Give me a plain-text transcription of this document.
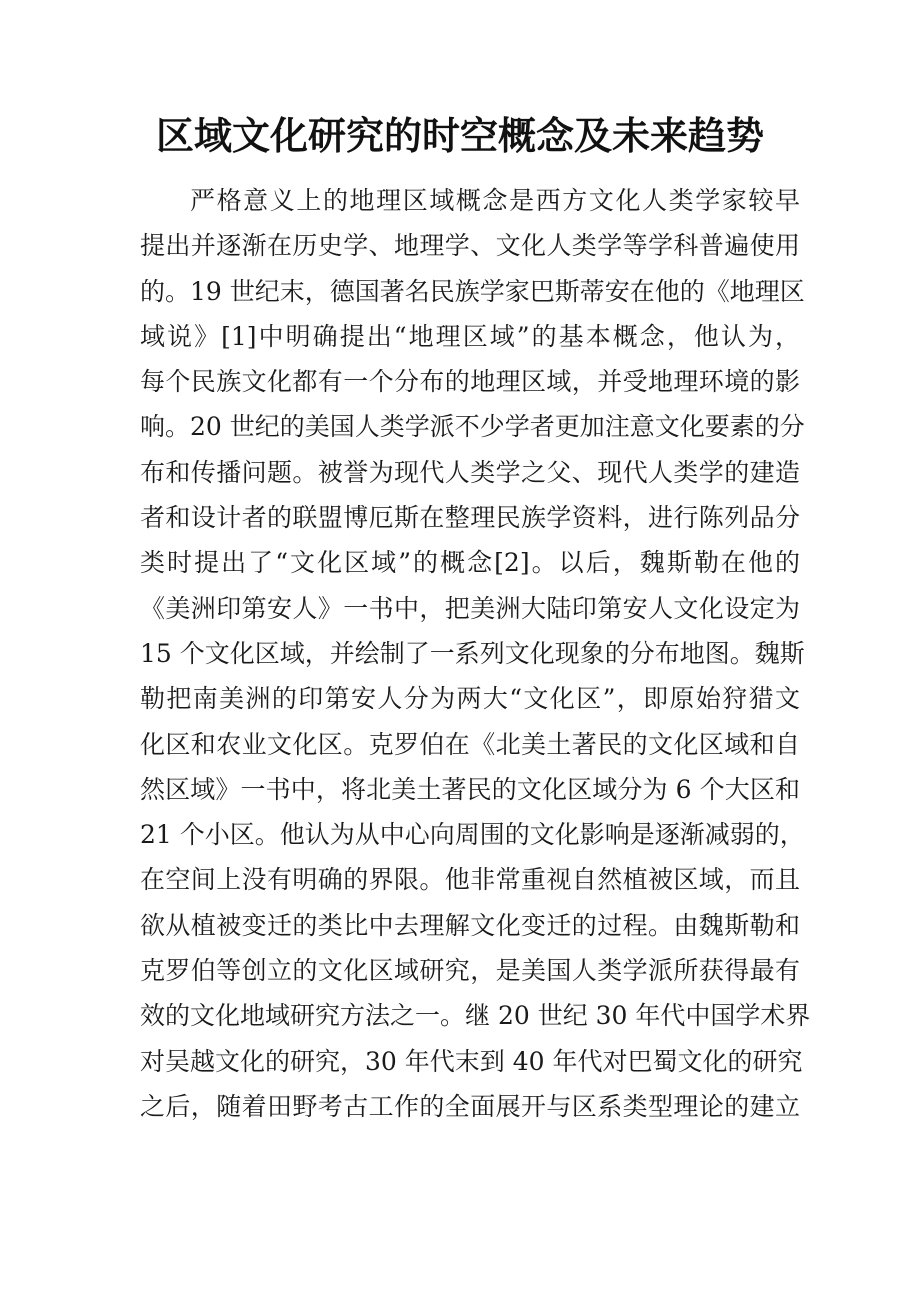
区域文化研究的时空概念及未来趋势
严格意义上的地理区域概念是西方文化人类学家较早
提出并逐渐在历史学、地理学、文化人类学等学科普遍使用
的。19 世纪末，德国著名民族学家巴斯蒂安在他的《地理区
域说》[1]中明确提出“地理区域”的基本概念，他认为，
每个民族文化都有一个分布的地理区域，并受地理环境的影
响。20 世纪的美国人类学派不少学者更加注意文化要素的分
布和传播问题。被誉为现代人类学之父、现代人类学的建造
者和设计者的联盟博厄斯在整理民族学资料，进行陈列品分
类时提出了“文化区域”的概念[2]。以后，魏斯勒在他的
《美洲印第安人》一书中，把美洲大陆印第安人文化设定为
15 个文化区域，并绘制了一系列文化现象的分布地图。魏斯
勒把南美洲的印第安人分为两大“文化区”，即原始狩猎文
化区和农业文化区。克罗伯在《北美土著民的文化区域和自
然区域》一书中，将北美土著民的文化区域分为 6 个大区和
21 个小区。他认为从中心向周围的文化影响是逐渐减弱的，
在空间上没有明确的界限。他非常重视自然植被区域，而且
欲从植被变迁的类比中去理解文化变迁的过程。由魏斯勒和
克罗伯等创立的文化区域研究，是美国人类学派所获得最有
效的文化地域研究方法之一。继 20 世纪 30 年代中国学术界
对吴越文化的研究，30 年代末到 40 年代对巴蜀文化的研究
之后，随着田野考古工作的全面展开与区系类型理论的建立
